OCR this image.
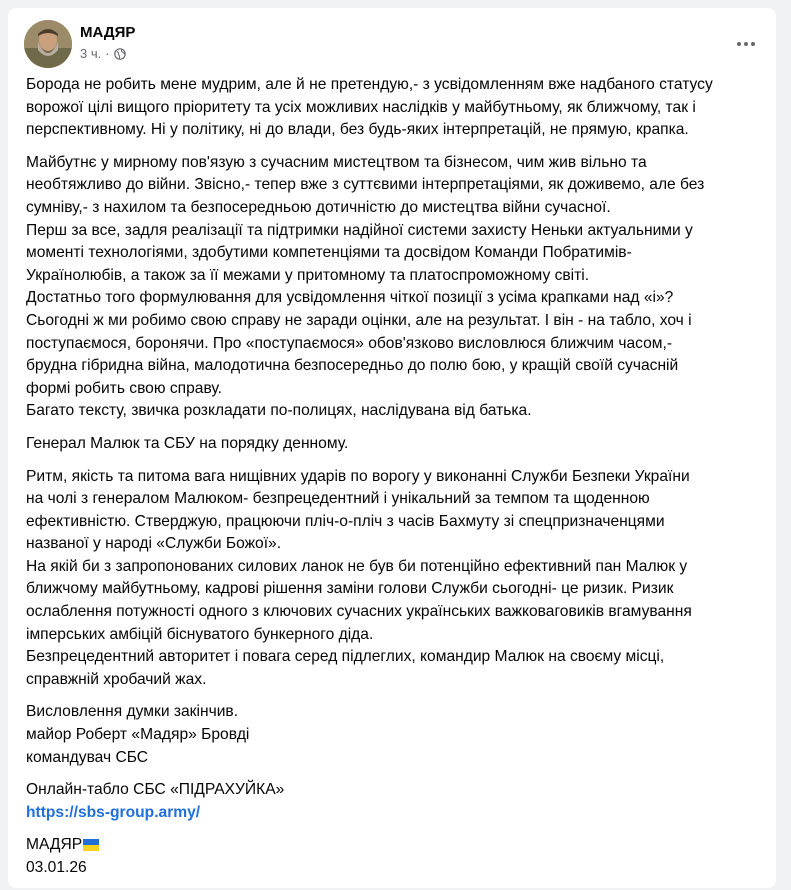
МАДЯР
3 ч. ·
Борода не робить мене мудрим, але й не претендую,- з усвідомленням вже надбаного статусу
ворожої цілі вищого пріоритету та усіх можливих наслідків у майбутньому, як ближчому, так і
перспективному. Ні у політику, ні до влади, без будь-яких інтерпретацій, не прямую, крапка.
Майбутнє у мирному пов'язую з сучасним мистецтвом та бізнесом, чим жив вільно та
необтяжливо до війни. Звісно,- тепер вже з суттєвими інтерпретаціями, як доживемо, але без
сумніву,- з нахилом та безпосередньою дотичністю до мистецтва війни сучасної.
Перш за все, задля реалізації та підтримки надійної системи захисту Неньки актуальними у
моменті технологіями, здобутими компетенціями та досвідом Команди Побратимів-
Українолюбів, а також за її межами у притомному та платоспроможному світі.
Достатньо того формулювання для усвідомлення чіткої позиції з усіма крапками над «і»?
Сьогодні ж ми робимо свою справу не заради оцінки, але на результат. І він - на табло, хоч і
поступаємося, боронячи. Про «поступаємося» обов'язково висловлюся ближчим часом,-
брудна гібридна війна, малодотична безпосередньо до полю бою, у кращій своїй сучасній
формі робить свою справу.
Багато тексту, звичка розкладати по-полицях, наслідувана від батька.
Генерал Малюк та СБУ на порядку денному.
Ритм, якість та питома вага нищівних ударів по ворогу у виконанні Служби Безпеки України
на чолі з генералом Малюком- безпрецедентний і унікальний за темпом та щоденною
ефективністю. Стверджую, працюючи пліч-о-пліч з часів Бахмуту зі спецпризначенцями
названої у народі «Служби Божої».
На якій би з запропонованих силових ланок не був би потенційно ефективний пан Малюк у
ближчому майбутньому, кадрові рішення заміни голови Служби сьогодні- це ризик. Ризик
ослаблення потужності одного з ключових сучасних українських важковаговиків вгамування
імперських амбіцій біснуватого бункерного діда.
Безпрецедентний авторитет і повага серед підлеглих, командир Малюк на своєму місці,
справжній хробачий жах.
Висловлення думки закінчив.
майор Роберт «Мадяр» Бровді
командувач СБС
Онлайн-табло СБС «ПІДРАХУЙКА»
https://sbs-group.army/
МАДЯР
03.01.26
